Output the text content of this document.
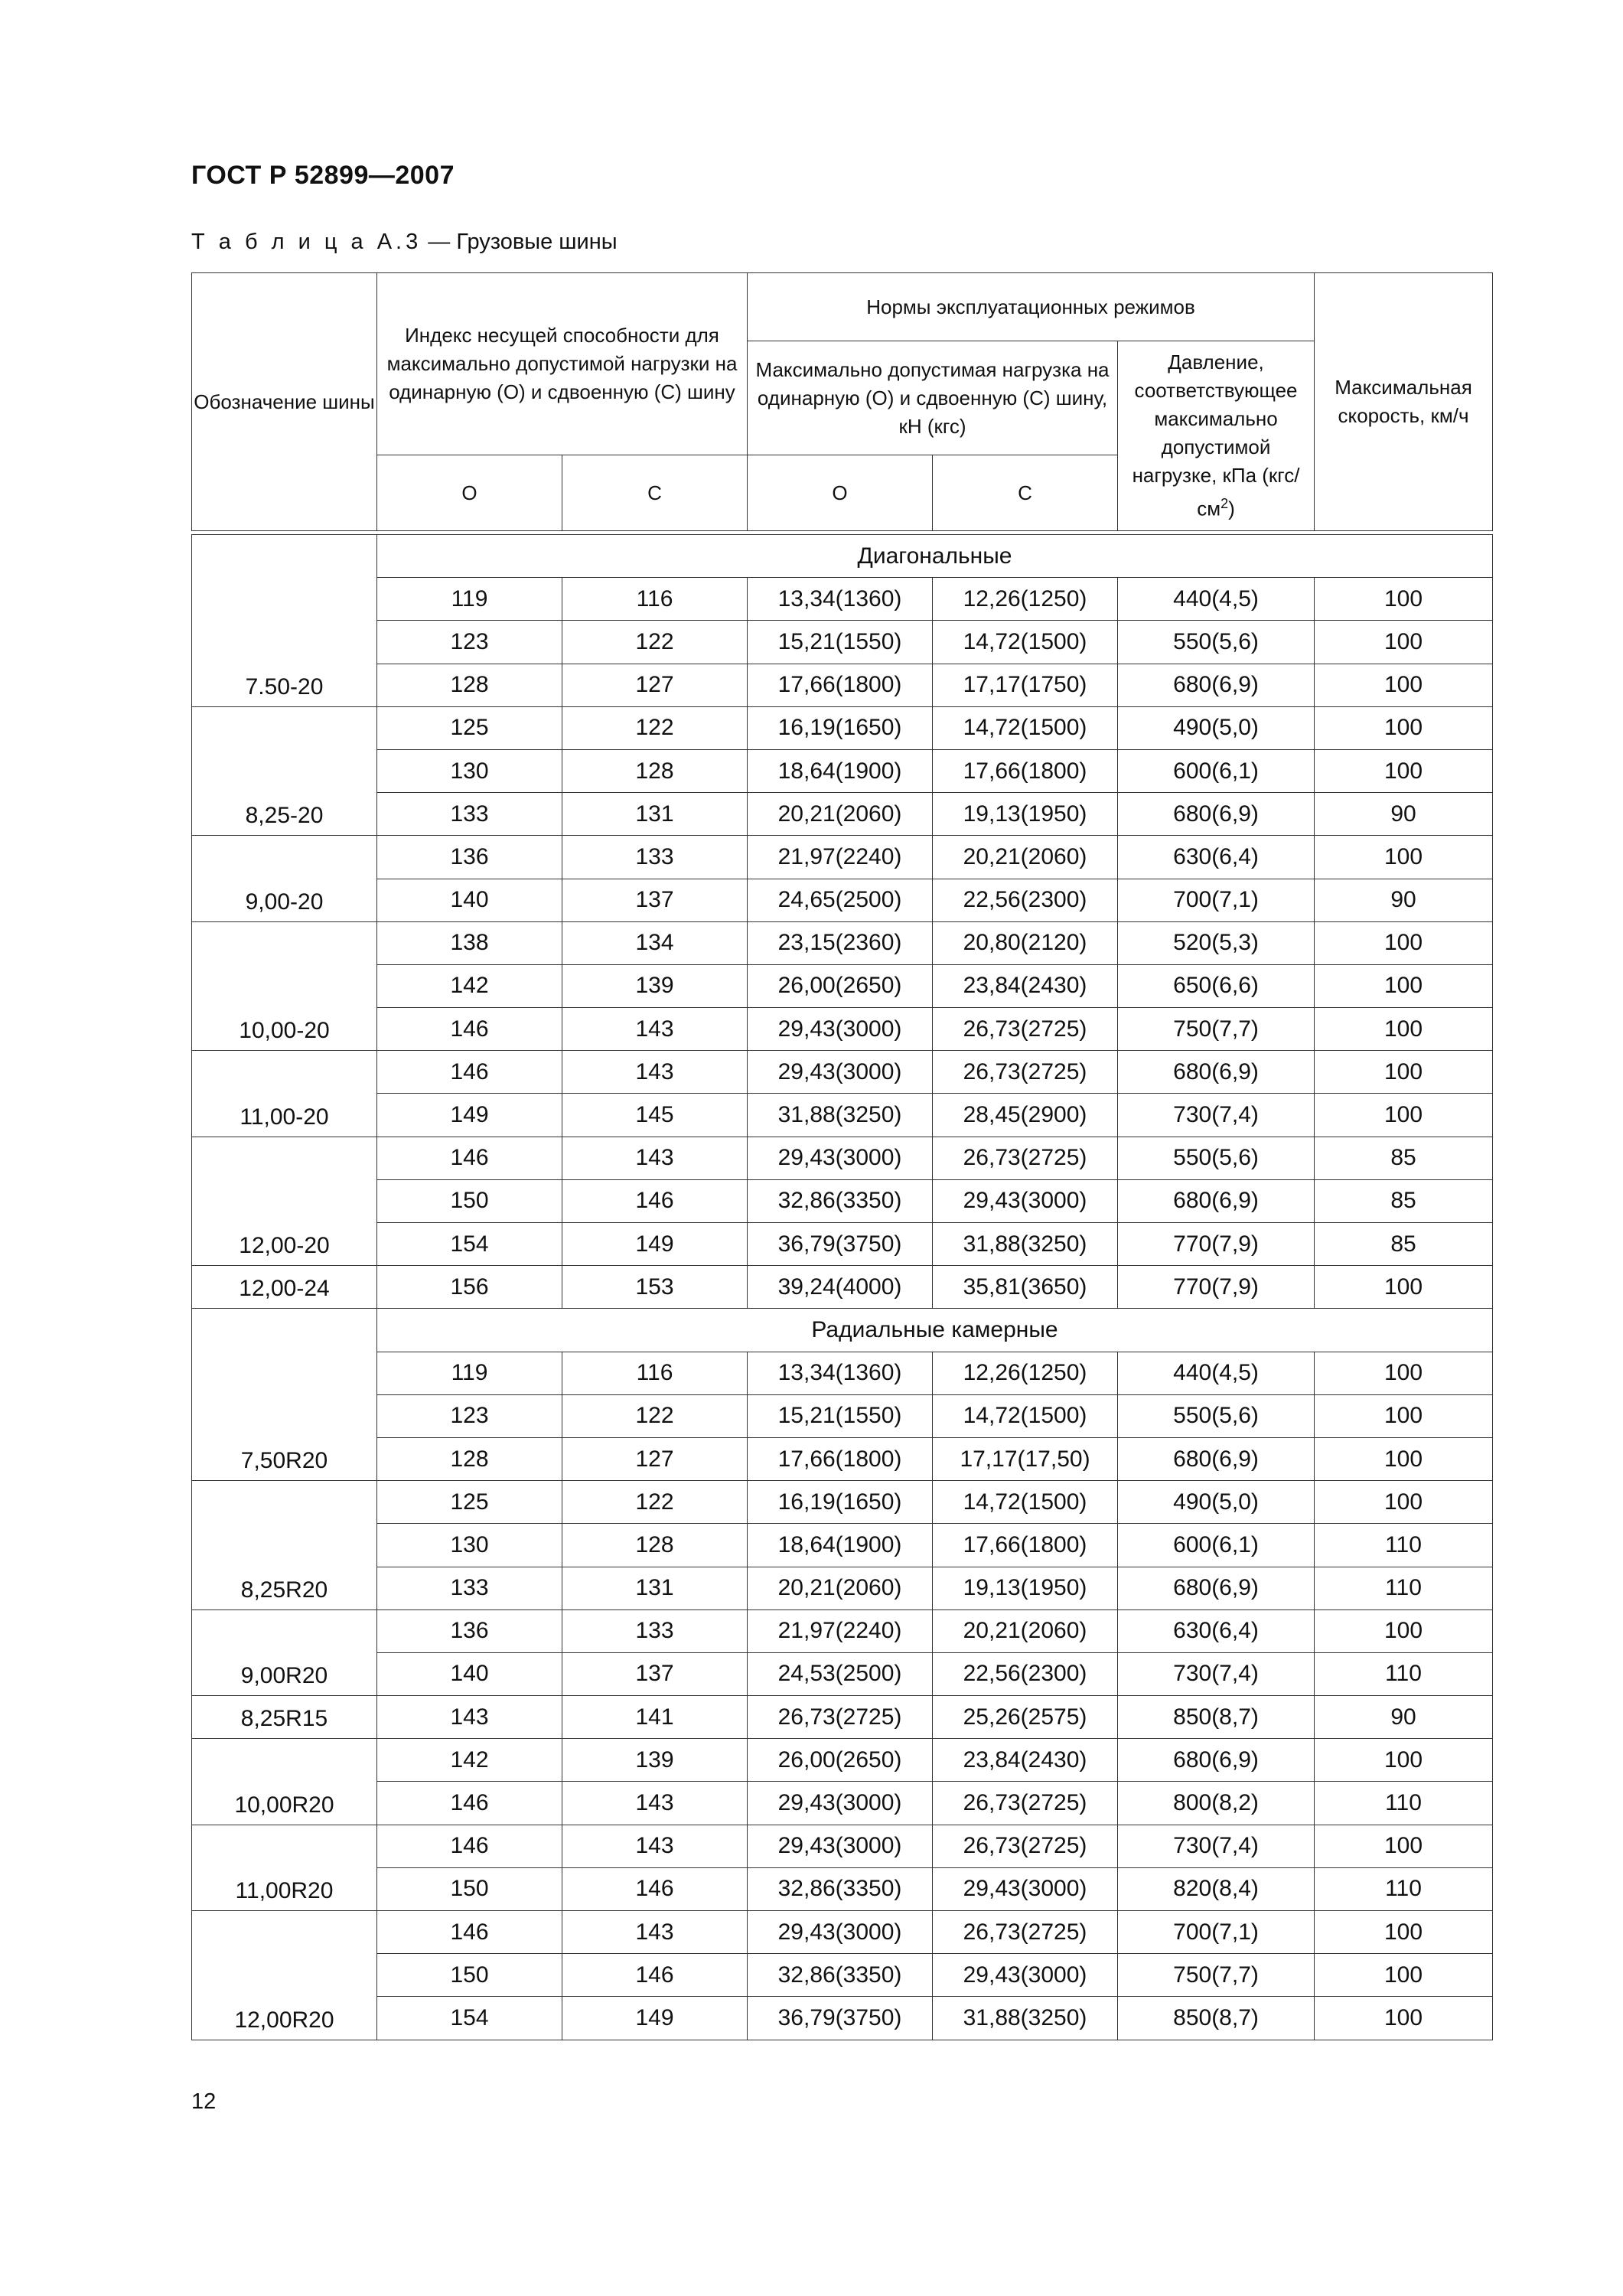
ГОСТ Р 52899—2007
Т а б л и ц а А.3 — Грузовые шины
Обозначение шины	Индекс несущей способности для максимально допустимой нагрузки на одинарную (О) и сдвоенную (С) шину		Нормы эксплуатационных режимов			Максимальная скорость, км/ч
			Максимально допустимая нагрузка на одинарную (О) и сдвоенную (С) шину, кН (кгс)		Давление, соответствующее максимально допустимой нагрузке, кПа $(кгс/см^2)$	
	О	С	О	С		

7.50-20	Диагональные					
	119	116	13,34(1360)	12,26(1250)	440(4,5)	100
	123	122	15,21(1550)	14,72(1500)	550(5,6)	100
	128	127	17,66(1800)	17,17(1750)	680(6,9)	100
8,25-20	125	122	16,19(1650)	14,72(1500)	490(5,0)	100
	130	128	18,64(1900)	17,66(1800)	600(6,1)	100
	133	131	20,21(2060)	19,13(1950)	680(6,9)	90
9,00-20	136	133	21,97(2240)	20,21(2060)	630(6,4)	100
	140	137	24,65(2500)	22,56(2300)	700(7,1)	90
10,00-20	138	134	23,15(2360)	20,80(2120)	520(5,3)	100
	142	139	26,00(2650)	23,84(2430)	650(6,6)	100
	146	143	29,43(3000)	26,73(2725)	750(7,7)	100
11,00-20	146	143	29,43(3000)	26,73(2725)	680(6,9)	100
	149	145	31,88(3250)	28,45(2900)	730(7,4)	100
12,00-20	146	143	29,43(3000)	26,73(2725)	550(5,6)	85
	150	146	32,86(3350)	29,43(3000)	680(6,9)	85
	154	149	36,79(3750)	31,88(3250)	770(7,9)	85
12,00-24	156	153	39,24(4000)	35,81(3650)	770(7,9)	100
7,50R20	Радиальные камерные					
	119	116	13,34(1360)	12,26(1250)	440(4,5)	100
	123	122	15,21(1550)	14,72(1500)	550(5,6)	100
	128	127	17,66(1800)	17,17(17,50)	680(6,9)	100
8,25R20	125	122	16,19(1650)	14,72(1500)	490(5,0)	100
	130	128	18,64(1900)	17,66(1800)	600(6,1)	110
	133	131	20,21(2060)	19,13(1950)	680(6,9)	110
9,00R20	136	133	21,97(2240)	20,21(2060)	630(6,4)	100
	140	137	24,53(2500)	22,56(2300)	730(7,4)	110
8,25R15	143	141	26,73(2725)	25,26(2575)	850(8,7)	90
10,00R20	142	139	26,00(2650)	23,84(2430)	680(6,9)	100
	146	143	29,43(3000)	26,73(2725)	800(8,2)	110
11,00R20	146	143	29,43(3000)	26,73(2725)	730(7,4)	100
	150	146	32,86(3350)	29,43(3000)	820(8,4)	110
12,00R20	146	143	29,43(3000)	26,73(2725)	700(7,1)	100
	150	146	32,86(3350)	29,43(3000)	750(7,7)	100
	154	149	36,79(3750)	31,88(3250)	850(8,7)	100
12
